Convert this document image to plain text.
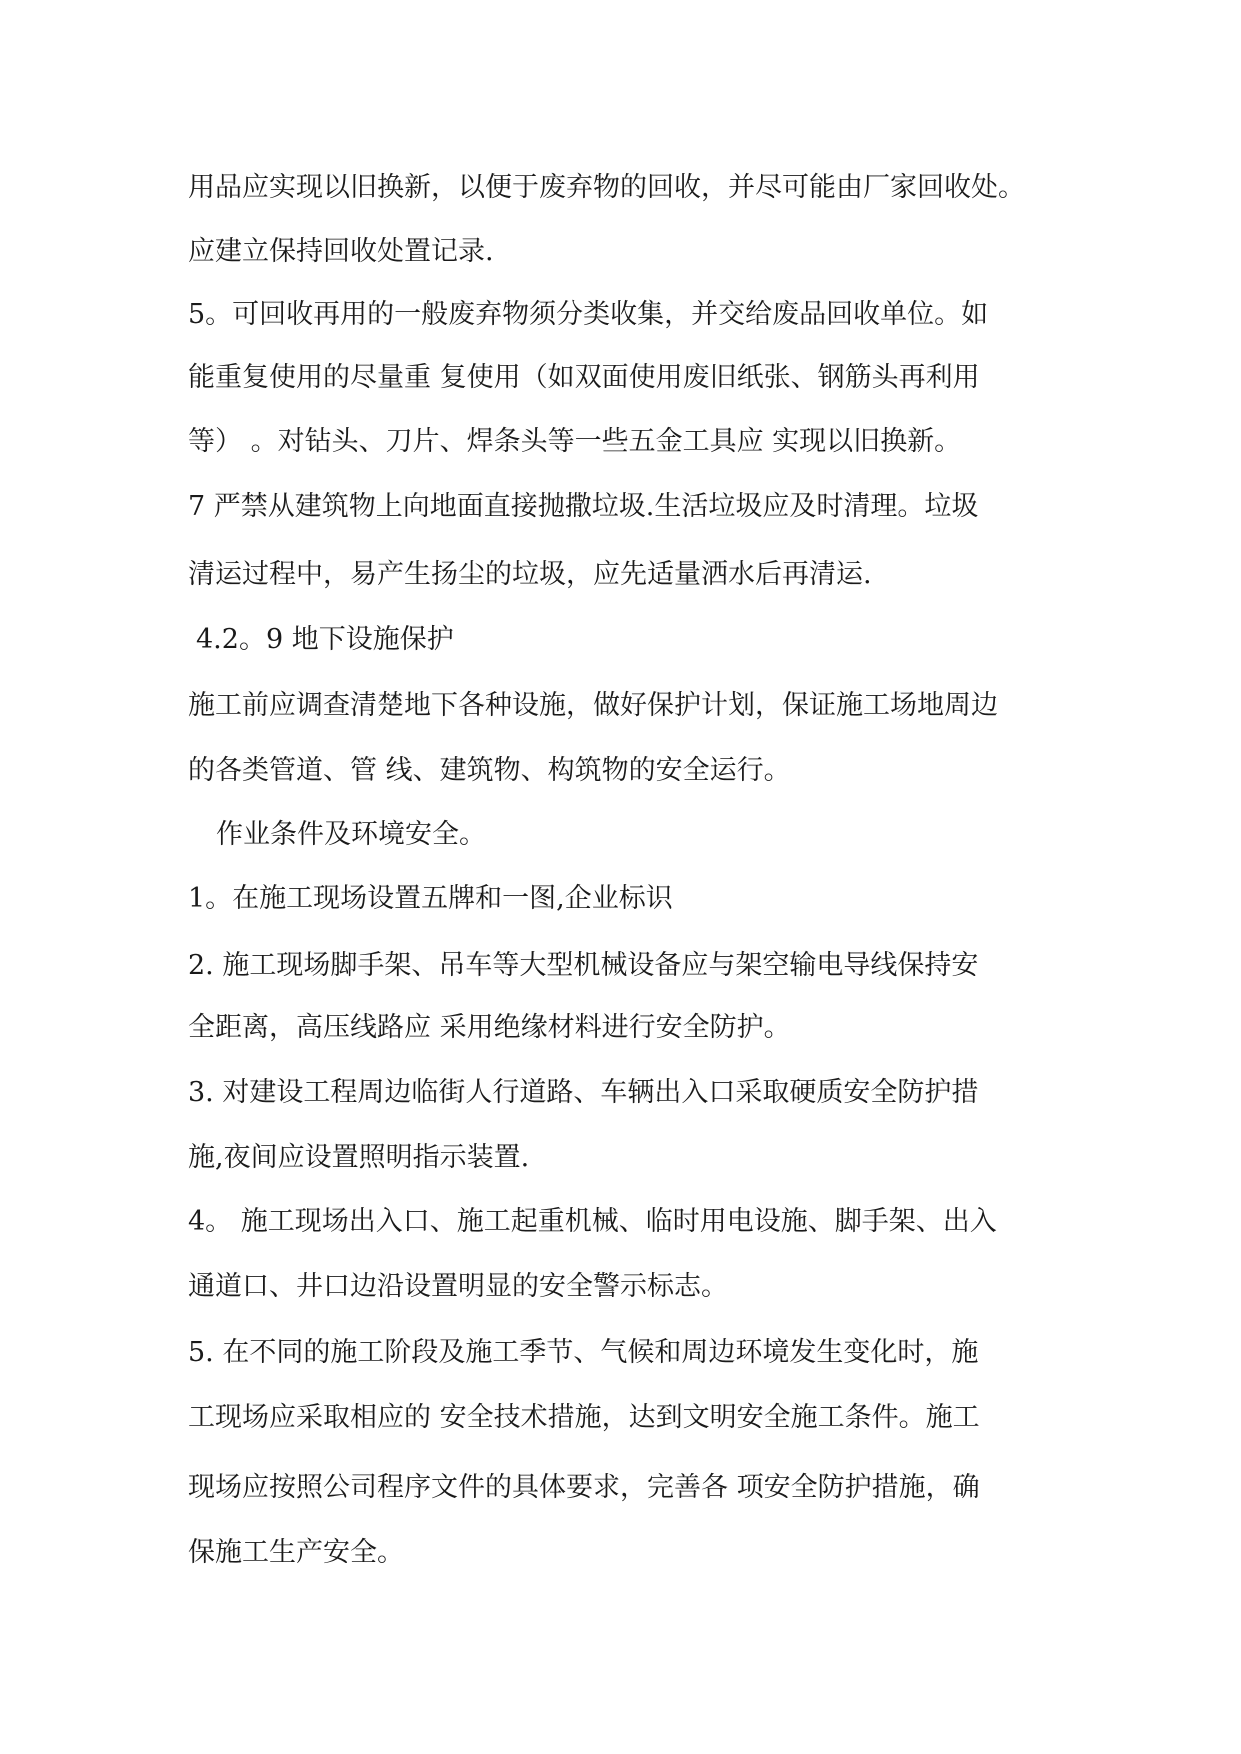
用品应实现以旧换新，以便于废弃物的回收，并尽可能由厂家回收处。

应建立保持回收处置记录.

5。可回收再用的一般废弃物须分类收集，并交给废品回收单位。如

能重复使用的尽量重 复使用（如双面使用废旧纸张、钢筋头再利用

等） 。对钻头、刀片、焊条头等一些五金工具应 实现以旧换新。

7 严禁从建筑物上向地面直接抛撒垃圾.生活垃圾应及时清理。垃圾

清运过程中，易产生扬尘的垃圾，应先适量洒水后再清运.

4.2。9 地下设施保护

施工前应调查清楚地下各种设施，做好保护计划，保证施工场地周边

的各类管道、管 线、建筑物、构筑物的安全运行。

作业条件及环境安全。

1。在施工现场设置五牌和一图,企业标识

2. 施工现场脚手架、吊车等大型机械设备应与架空输电导线保持安

全距离，高压线路应 采用绝缘材料进行安全防护。

3. 对建设工程周边临街人行道路、车辆出入口采取硬质安全防护措

施,夜间应设置照明指示装置.

4。 施工现场出入口、施工起重机械、临时用电设施、脚手架、出入

通道口、井口边沿设置明显的安全警示标志。

5. 在不同的施工阶段及施工季节、气候和周边环境发生变化时，施

工现场应采取相应的 安全技术措施，达到文明安全施工条件。施工

现场应按照公司程序文件的具体要求，完善各 项安全防护措施，确

保施工生产安全。
